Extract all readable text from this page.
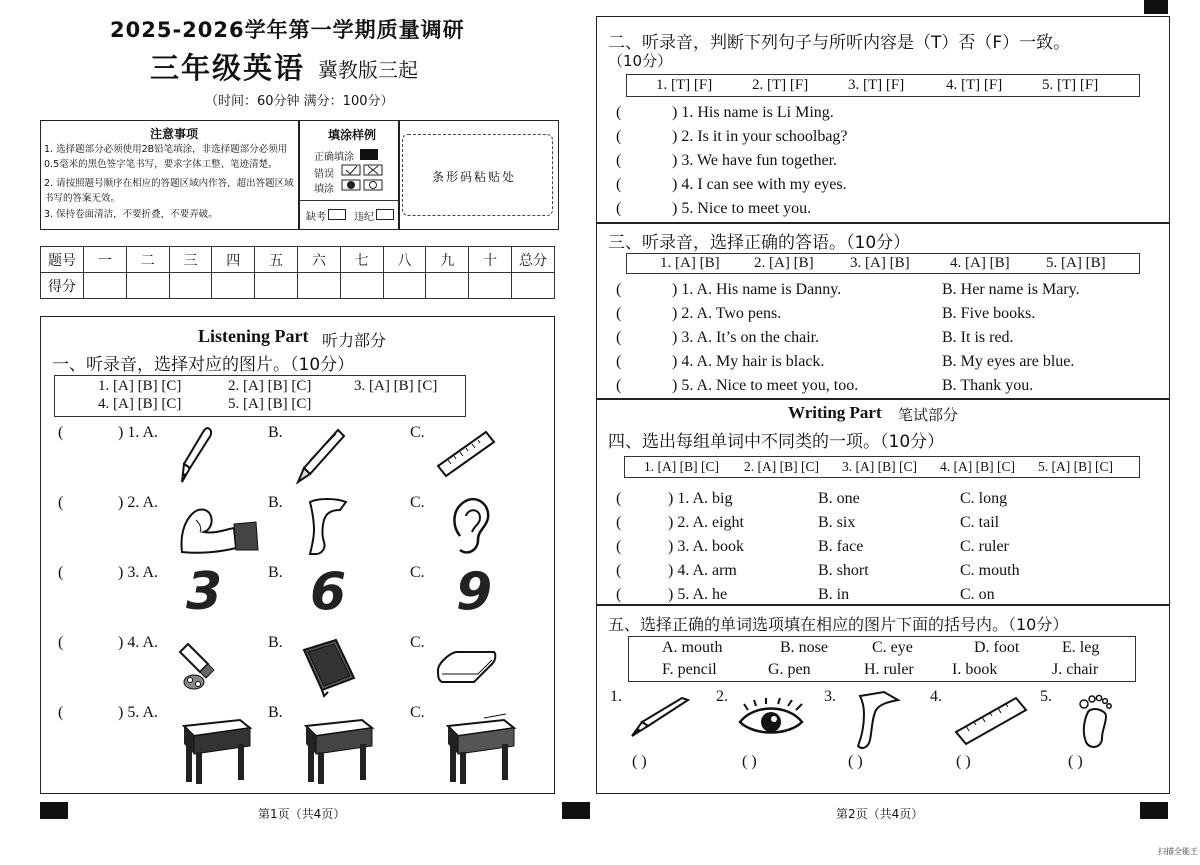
2025-2026学年第一学期质量调研
三年级英语 冀教版三起
（时间：60分钟 满分：100分）
注意事项
1. 选择题部分必须使用2B铅笔填涂，非选择题部分必须用0.5毫米的黑色签字笔书写，要求字体工整、笔迹清楚。
2. 请按照题号顺序在相应的答题区域内作答，超出答题区域书写的答案无效。
3. 保持卷面清洁，不要折叠，不要弄破。
填涂样例
正确填涂
错误
填涂
缺考	违纪
条形码粘贴处
题号	一	二	三	四	五	六	七	八	九	十	总分
得分											
Listening Part 听力部分
一、听录音，选择对应的图片。（10分）
1. [A] [B] [C]	2. [A] [B] [C]	3. [A] [B] [C]
4. [A] [B] [C]	5. [A] [B] [C]
(	) 1. A.	B.	C.
(	) 2. A.	B.	C.
(	) 3. A.	B.	C.
3 6 9
(	) 4. A.	B.	C.
(	) 5. A.	B.	C.
第1页（共4页）
二、听录音，判断下列句子与所听内容是（T）否（F）一致。
（10分）
1. [T] [F]	2. [T] [F]	3. [T] [F]	4. [T] [F]	5. [T] [F]
(	) 1. His name is Li Ming.
(	) 2. Is it in your schoolbag?
(	) 3. We have fun together.
(	) 4. I can see with my eyes.
(	) 5. Nice to meet you.
三、听录音，选择正确的答语。（10分）
1. [A] [B] 2. [A] [B] 3. [A] [B]	4. [A] [B] 5. [A] [B]
(	) 1. A. His name is Danny.	B. Her name is Mary.
(	) 2. A. Two pens.	B. Five books.
(	) 3. A. It’s on the chair.	B. It is red.
(	) 4. A. My hair is black.	B. My eyes are blue.
(	) 5. A. Nice to meet you, too.	B. Thank you.
Writing Part 笔试部分
四、选出每组单词中不同类的一项。（10分）
1. [A] [B] [C] 2. [A] [B] [C] 3. [A] [B] [C] 4. [A] [B] [C] 5. [A] [B] [C]
(	) 1. A. big	B. one	C. long
(	) 2. A. eight	B. six	C. tail
(	) 3. A. book	B. face	C. ruler
(	) 4. A. arm	B. short	C. mouth
(	) 5. A. he	B. in	C. on
五、选择正确的单词选项填在相应的图片下面的括号内。（10分）
A. mouth	B. nose	C. eye	D. foot	E. leg
F. pencil	G. pen	H. ruler I. book	J. chair
1.	2.	3.	4.	5.
( )	( )	( )	( )	( )
第2页（共4页）
扫描全能王
